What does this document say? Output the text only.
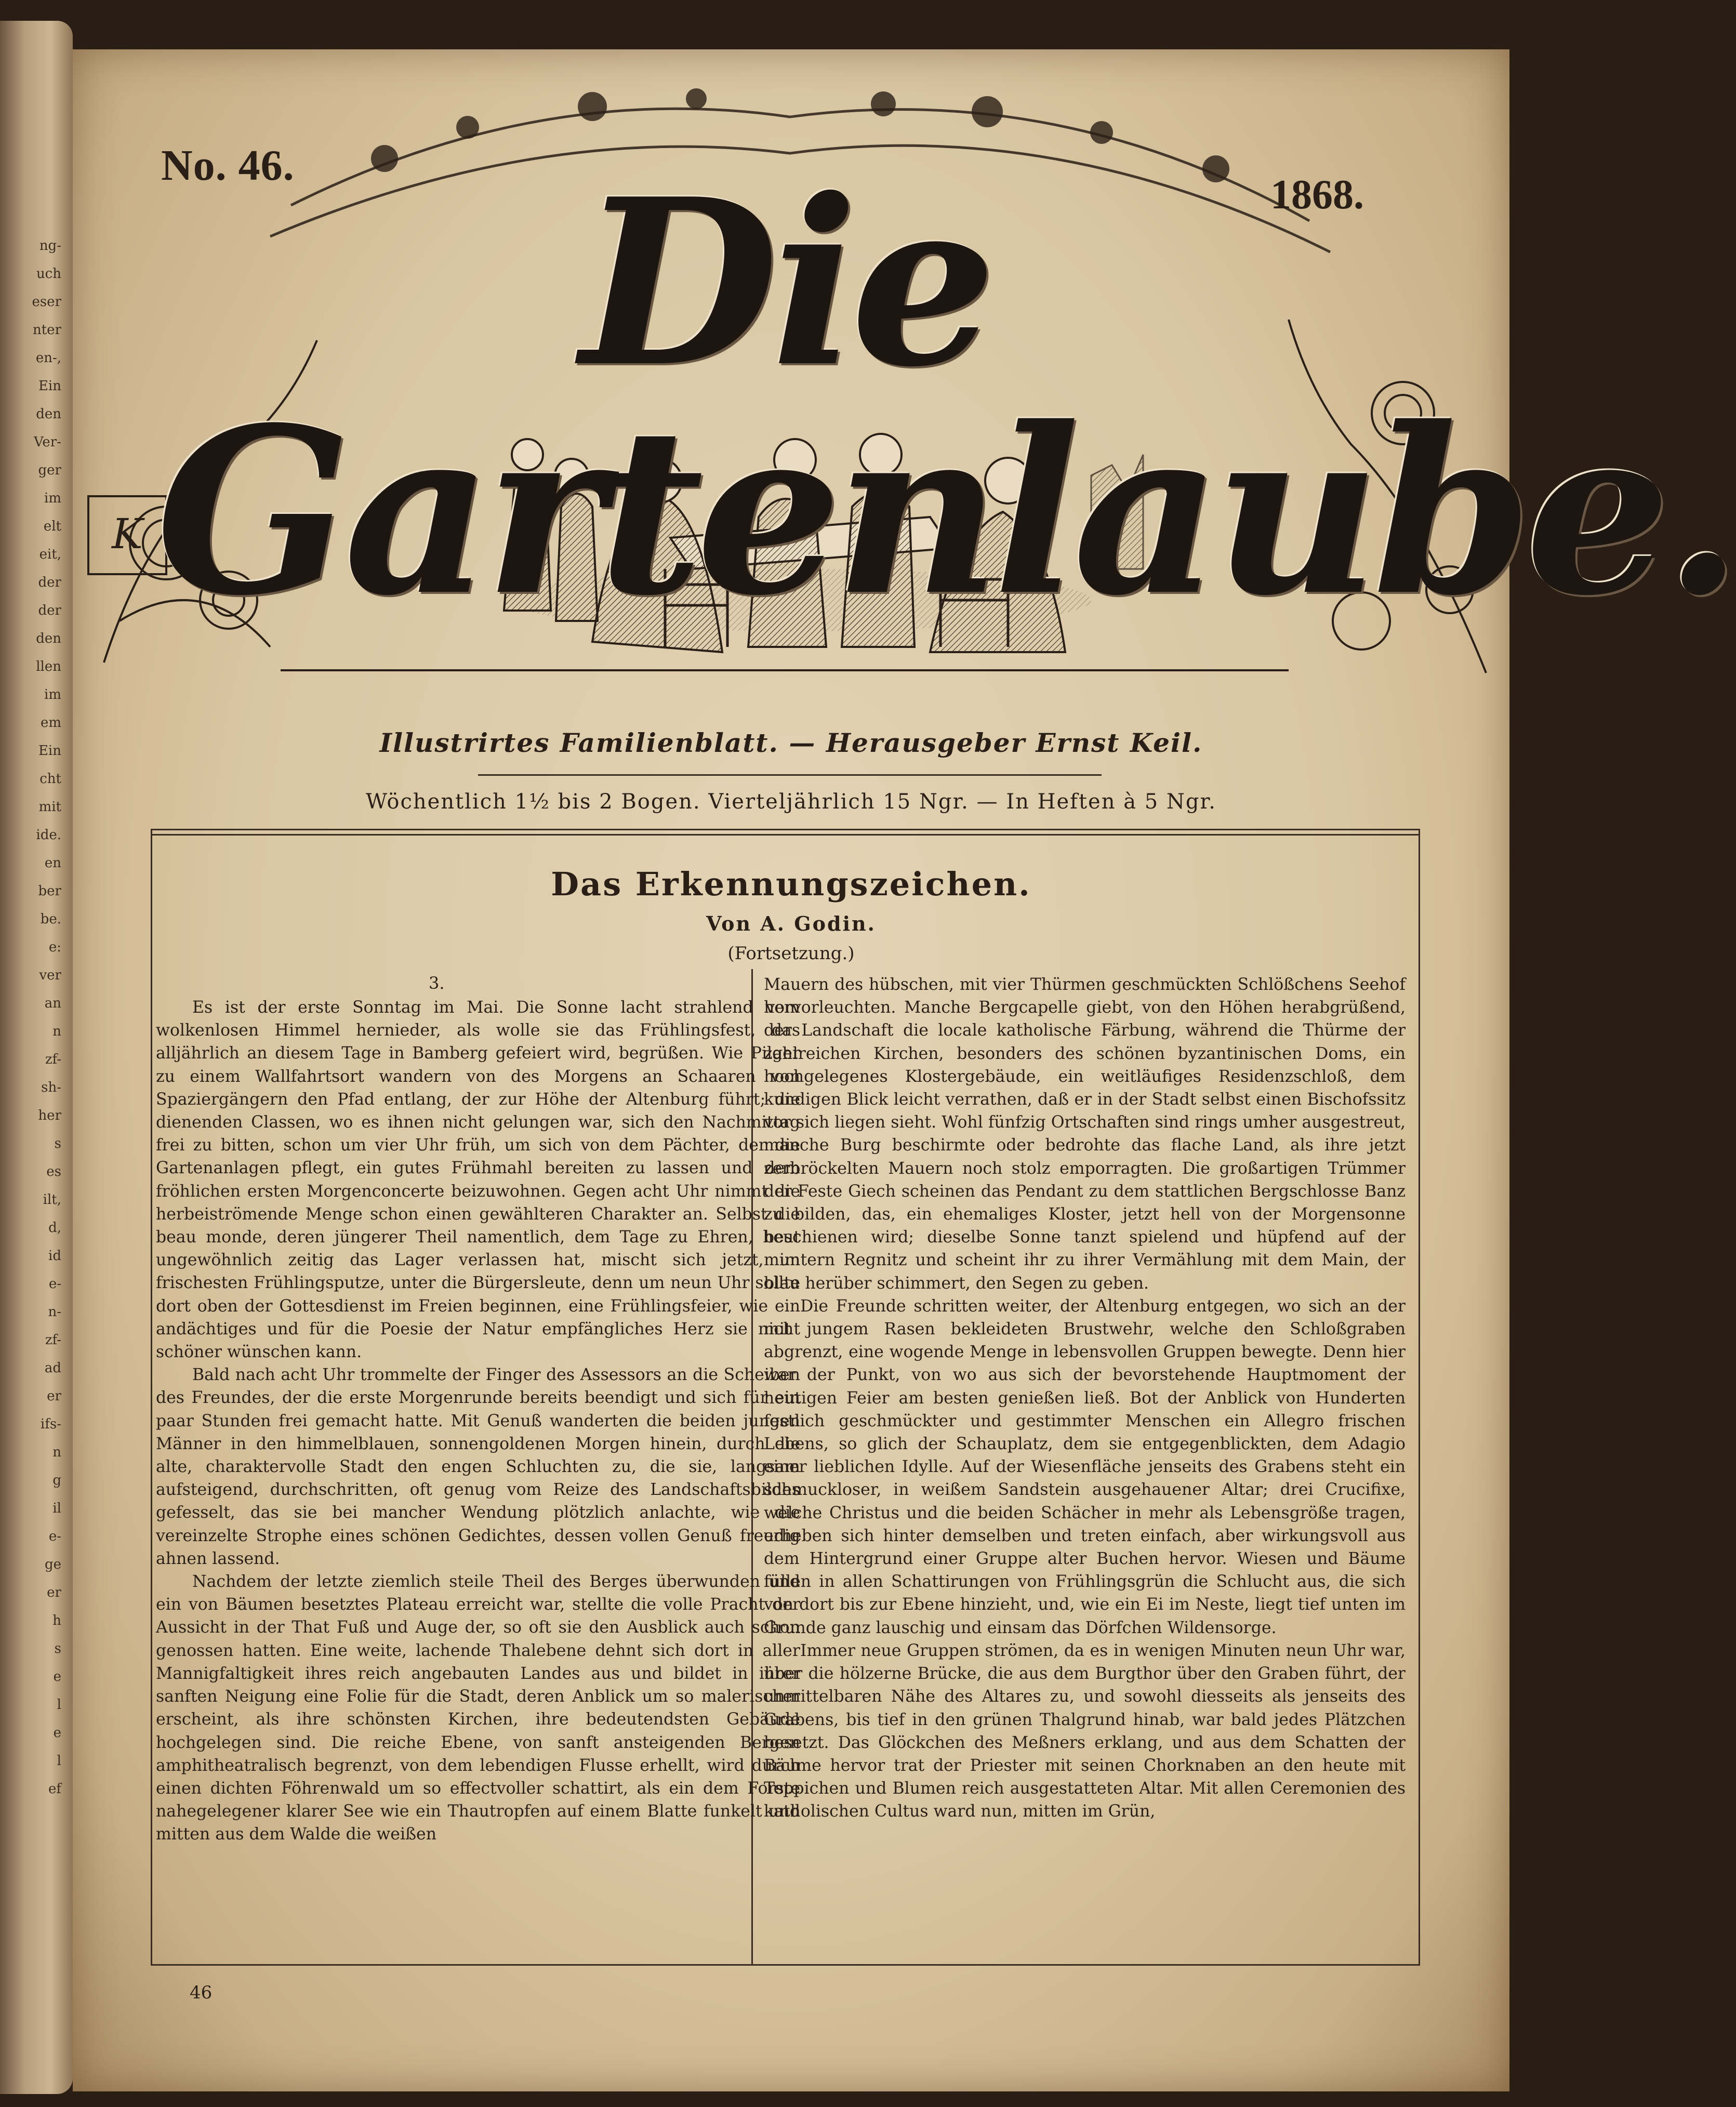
ng-
uch
eser
nter
en-,
Ein
den
Ver-
ger
im
elt
eit,
der
der
den
llen
im
em
Ein
cht
mit
ide.
en
ber
be.
e:
ver
an
n
zf-
sh-
her
s
es
ilt,
d,
id
e-
n-
zf-
ad
er
ifs-
n
g
il
e-
ge
er
h
s
e
l
e
l
ef
K
No. 46.
1868.
Die Gartenlaube.
Illustrirtes Familienblatt. — Herausgeber Ernst Keil.
Wöchentlich 1½ bis 2 Bogen. Vierteljährlich 15 Ngr. — In Heften à 5 Ngr.
Das Erkennungszeichen.
Von A. Godin.
(Fortsetzung.)
3.

Es ist der erste Sonntag im Mai. Die Sonne lacht strahlend vom wolkenlosen Himmel hernieder, als wolle sie das Frühlingsfest, das alljährlich an diesem Tage in Bamberg gefeiert wird, begrüßen. Wie Pilger zu einem Wallfahrtsort wandern von des Morgens an Schaaren von Spaziergängern den Pfad entlang, der zur Höhe der Altenburg führt; die dienenden Classen, wo es ihnen nicht gelungen war, sich den Nachmittag frei zu bitten, schon um vier Uhr früh, um sich von dem Pächter, der die Gartenanlagen pflegt, ein gutes Frühmahl bereiten zu lassen und dem fröhlichen ersten Morgenconcerte beizuwohnen. Gegen acht Uhr nimmt die herbeiströmende Menge schon einen gewählteren Charakter an. Selbst die beau monde, deren jüngerer Theil namentlich, dem Tage zu Ehren, heut ungewöhnlich zeitig das Lager verlassen hat, mischt sich jetzt, im frischesten Frühlingsputze, unter die Bürgersleute, denn um neun Uhr sollte dort oben der Gottesdienst im Freien beginnen, eine Frühlingsfeier, wie ein andächtiges und für die Poesie der Natur empfängliches Herz sie nicht schöner wünschen kann.

Bald nach acht Uhr trommelte der Finger des Assessors an die Scheiben des Freundes, der die erste Morgenrunde bereits beendigt und sich für ein paar Stunden frei gemacht hatte. Mit Genuß wanderten die beiden jungen Männer in den himmelblauen, sonnengoldenen Morgen hinein, durch die alte, charaktervolle Stadt den engen Schluchten zu, die sie, langsam aufsteigend, durchschritten, oft genug vom Reize des Landschaftsbildes gefesselt, das sie bei mancher Wendung plötzlich anlachte, wie die vereinzelte Strophe eines schönen Gedichtes, dessen vollen Genuß freudig ahnen lassend.

Nachdem der letzte ziemlich steile Theil des Berges überwunden und ein von Bäumen besetztes Plateau erreicht war, stellte die volle Pracht der Aussicht in der That Fuß und Auge der, so oft sie den Ausblick auch schon genossen hatten. Eine weite, lachende Thalebene dehnt sich dort in aller Mannigfaltigkeit ihres reich angebauten Landes aus und bildet in ihrer sanften Neigung eine Folie für die Stadt, deren Anblick um so malerischer erscheint, als ihre schönsten Kirchen, ihre bedeutendsten Gebäude hochgelegen sind. Die reiche Ebene, von sanft ansteigenden Bergen amphitheatralisch begrenzt, von dem lebendigen Flusse erhellt, wird durch einen dichten Föhrenwald um so effectvoller schattirt, als ein dem Forste nahegelegener klarer See wie ein Thautropfen auf einem Blatte funkelt und mitten aus dem Walde die weißen

Mauern des hübschen, mit vier Thürmen geschmückten Schlößchens Seehof hervorleuchten. Manche Bergcapelle giebt, von den Höhen herabgrüßend, der Landschaft die locale katholische Färbung, während die Thürme der zahlreichen Kirchen, besonders des schönen byzantinischen Doms, ein hochgelegenes Klostergebäude, ein weitläufiges Residenzschloß, dem kundigen Blick leicht verrathen, daß er in der Stadt selbst einen Bischofssitz vor sich liegen sieht. Wohl fünfzig Ortschaften sind rings umher ausgestreut, manche Burg beschirmte oder bedrohte das flache Land, als ihre jetzt zerbröckelten Mauern noch stolz emporragten. Die großartigen Trümmer der Feste Giech scheinen das Pendant zu dem stattlichen Bergschlosse Banz zu bilden, das, ein ehemaliges Kloster, jetzt hell von der Morgensonne beschienen wird; dieselbe Sonne tanzt spielend und hüpfend auf der muntern Regnitz und scheint ihr zu ihrer Vermählung mit dem Main, der blau herüber schimmert, den Segen zu geben.

Die Freunde schritten weiter, der Altenburg entgegen, wo sich an der mit jungem Rasen bekleideten Brustwehr, welche den Schloßgraben abgrenzt, eine wogende Menge in lebensvollen Gruppen bewegte. Denn hier war der Punkt, von wo aus sich der bevorstehende Hauptmoment der heutigen Feier am besten genießen ließ. Bot der Anblick von Hunderten festlich geschmückter und gestimmter Menschen ein Allegro frischen Lebens, so glich der Schauplatz, dem sie entgegenblickten, dem Adagio einer lieblichen Idylle. Auf der Wiesenfläche jenseits des Grabens steht ein schmuckloser, in weißem Sandstein ausgehauener Altar; drei Crucifixe, welche Christus und die beiden Schächer in mehr als Lebensgröße tragen, erheben sich hinter demselben und treten einfach, aber wirkungsvoll aus dem Hintergrund einer Gruppe alter Buchen hervor. Wiesen und Bäume füllen in allen Schattirungen von Frühlingsgrün die Schlucht aus, die sich von dort bis zur Ebene hinzieht, und, wie ein Ei im Neste, liegt tief unten im Grunde ganz lauschig und einsam das Dörfchen Wildensorge.

Immer neue Gruppen strömen, da es in wenigen Minuten neun Uhr war, über die hölzerne Brücke, die aus dem Burgthor über den Graben führt, der unmittelbaren Nähe des Altares zu, und sowohl diesseits als jenseits des Grabens, bis tief in den grünen Thalgrund hinab, war bald jedes Plätzchen besetzt. Das Glöckchen des Meßners erklang, und aus dem Schatten der Bäume hervor trat der Priester mit seinen Chorknaben an den heute mit Teppichen und Blumen reich ausgestatteten Altar. Mit allen Ceremonien des katholischen Cultus ward nun, mitten im Grün,

46
